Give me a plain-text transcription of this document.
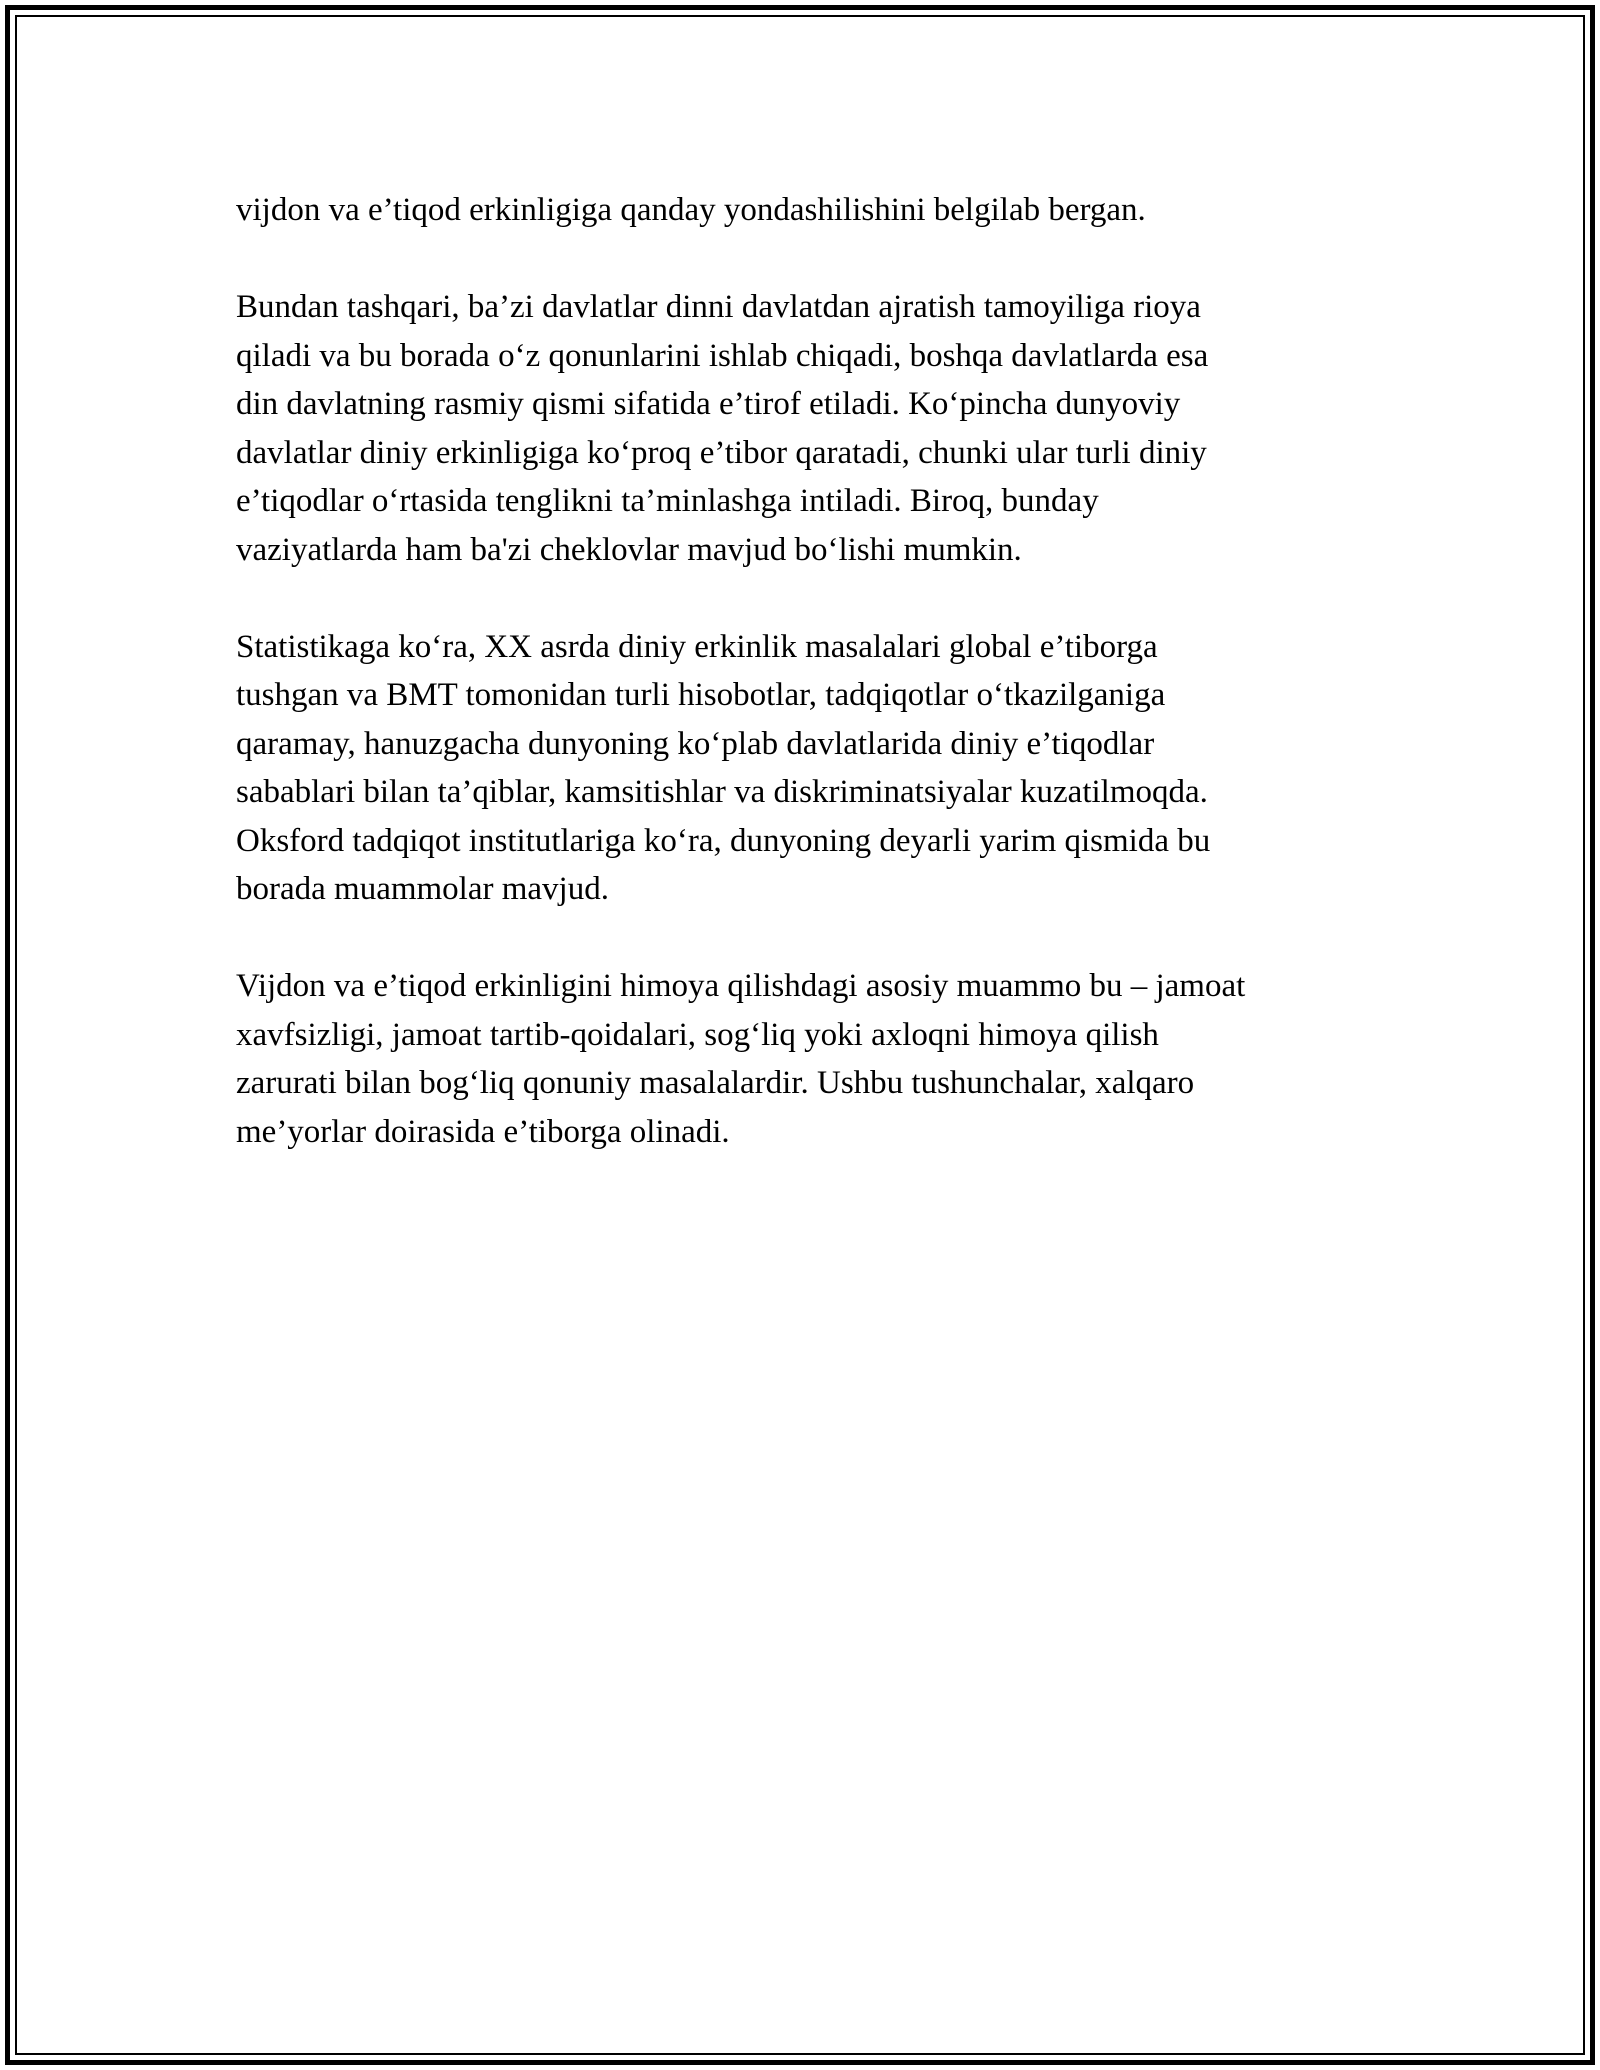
vijdon va e’tiqod erkinligiga qanday yondashilishini belgilab bergan.

Bundan tashqari, ba’zi davlatlar dinni davlatdan ajratish tamoyiliga rioya
qiladi va bu borada o‘z qonunlarini ishlab chiqadi, boshqa davlatlarda esa
din davlatning rasmiy qismi sifatida e’tirof etiladi. Ko‘pincha dunyoviy
davlatlar diniy erkinligiga ko‘proq e’tibor qaratadi, chunki ular turli diniy
e’tiqodlar o‘rtasida tenglikni ta’minlashga intiladi. Biroq, bunday
vaziyatlarda ham ba'zi cheklovlar mavjud bo‘lishi mumkin.

Statistikaga ko‘ra, XX asrda diniy erkinlik masalalari global e’tiborga
tushgan va BMT tomonidan turli hisobotlar, tadqiqotlar o‘tkazilganiga
qaramay, hanuzgacha dunyoning ko‘plab davlatlarida diniy e’tiqodlar
sabablari bilan ta’qiblar, kamsitishlar va diskriminatsiyalar kuzatilmoqda.
Oksford tadqiqot institutlariga ko‘ra, dunyoning deyarli yarim qismida bu
borada muammolar mavjud.

Vijdon va e’tiqod erkinligini himoya qilishdagi asosiy muammo bu – jamoat
xavfsizligi, jamoat tartib-qoidalari, sog‘liq yoki axloqni himoya qilish
zarurati bilan bog‘liq qonuniy masalalardir. Ushbu tushunchalar, xalqaro
me’yorlar doirasida e’tiborga olinadi.
